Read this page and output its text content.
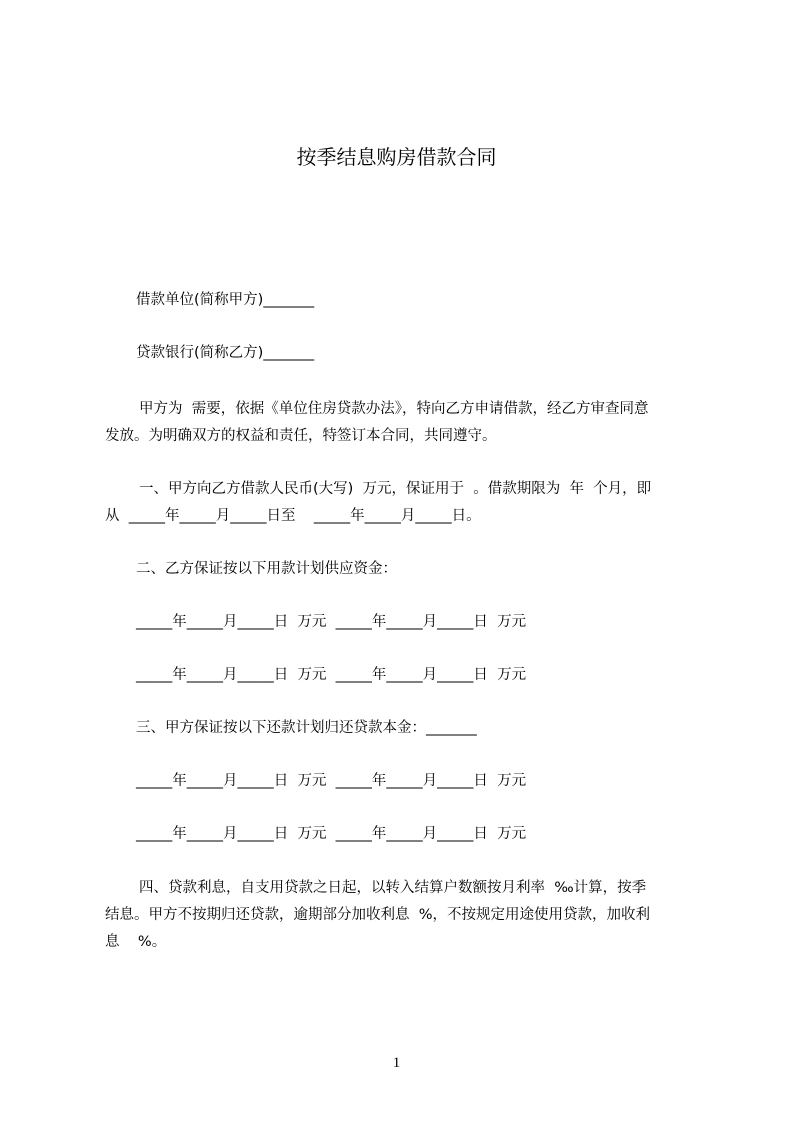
按季结息购房借款合同
借款单位(简称甲方)_______
贷款银行(简称乙方)_______
甲方为  需要，依据《单位住房贷款办法》，特向乙方申请借款，经乙方审查同意
发放。为明确双方的权益和责任，特签订本合同，共同遵守。
一、甲方向乙方借款人民币(大写)  万元，保证用于  。借款期限为  年  个月，即
从  _____年_____月_____日至    _____年_____月_____日。
二、乙方保证按以下用款计划供应资金：
_____年_____月_____日  万元  _____年_____月_____日  万元
_____年_____月_____日  万元  _____年_____月_____日  万元
三、甲方保证按以下还款计划归还贷款本金：_______
_____年_____月_____日  万元  _____年_____月_____日  万元
_____年_____月_____日  万元  _____年_____月_____日  万元
四、贷款利息，自支用贷款之日起，以转入结算户数额按月利率  ‰计算，按季
结息。甲方不按期归还贷款，逾期部分加收利息  %，不按规定用途使用贷款，加收利
息    %。
1
